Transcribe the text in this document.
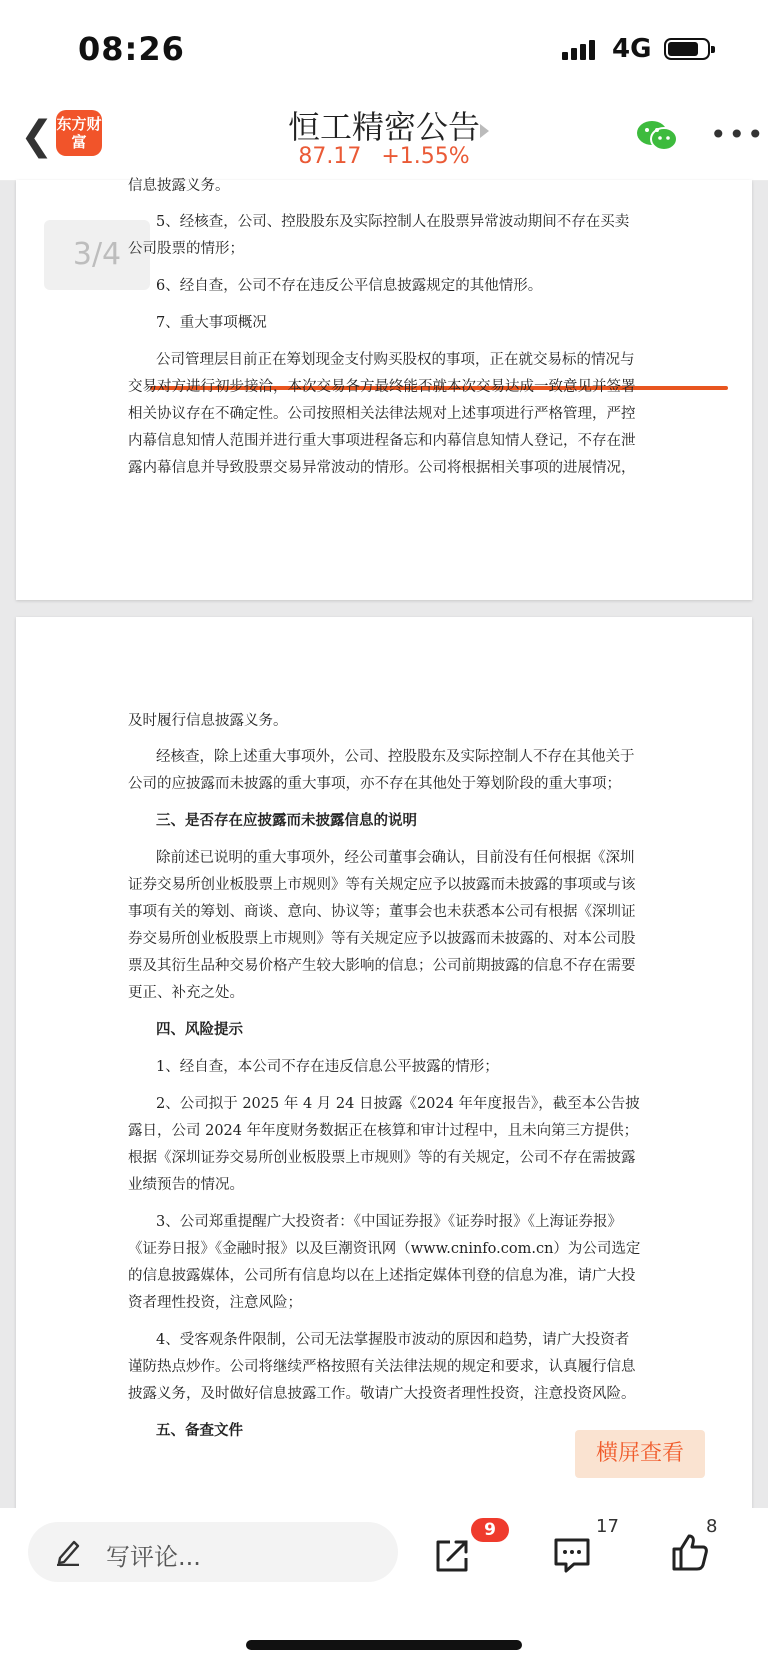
08:26	4G
❮ 东方财富	恒工精密公告
87.17 +1.55%
•••
3/4

信息披露义务。

5、经核查，公司、控股股东及实际控制人在股票异常波动期间不存在买卖

公司股票的情形；

6、经自查，公司不存在违反公平信息披露规定的其他情形。

7、重大事项概况

公司管理层目前正在筹划现金支付购买股权的事项，正在就交易标的情况与

交易对方进行初步接洽，本次交易各方最终能否就本次交易达成一致意见并签署

相关协议存在不确定性。公司按照相关法律法规对上述事项进行严格管理，严控

内幕信息知情人范围并进行重大事项进程备忘和内幕信息知情人登记，不存在泄

露内幕信息并导致股票交易异常波动的情形。公司将根据相关事项的进展情况，

及时履行信息披露义务。

经核查，除上述重大事项外，公司、控股股东及实际控制人不存在其他关于

公司的应披露而未披露的重大事项，亦不存在其他处于筹划阶段的重大事项；

三、是否存在应披露而未披露信息的说明

除前述已说明的重大事项外，经公司董事会确认，目前没有任何根据《深圳

证券交易所创业板股票上市规则》等有关规定应予以披露而未披露的事项或与该

事项有关的筹划、商谈、意向、协议等；董事会也未获悉本公司有根据《深圳证

券交易所创业板股票上市规则》等有关规定应予以披露而未披露的、对本公司股

票及其衍生品种交易价格产生较大影响的信息；公司前期披露的信息不存在需要

更正、补充之处。

四、风险提示

1、经自查，本公司不存在违反信息公平披露的情形；

2、公司拟于 2025 年 4 月 24 日披露《2024 年年度报告》，截至本公告披

露日，公司 2024 年年度财务数据正在核算和审计过程中，且未向第三方提供；

根据《深圳证券交易所创业板股票上市规则》等的有关规定，公司不存在需披露

业绩预告的情况。

3、公司郑重提醒广大投资者：《中国证券报》《证券时报》《上海证券报》

《证券日报》《金融时报》以及巨潮资讯网（www.cninfo.com.cn）为公司选定

的信息披露媒体，公司所有信息均以在上述指定媒体刊登的信息为准，请广大投

资者理性投资，注意风险；

4、受客观条件限制，公司无法掌握股市波动的原因和趋势，请广大投资者

谨防热点炒作。公司将继续严格按照有关法律法规的规定和要求，认真履行信息

披露义务，及时做好信息披露工作。敬请广大投资者理性投资，注意投资风险。

五、备查文件

横屏查看
写评论...
9	17	8
